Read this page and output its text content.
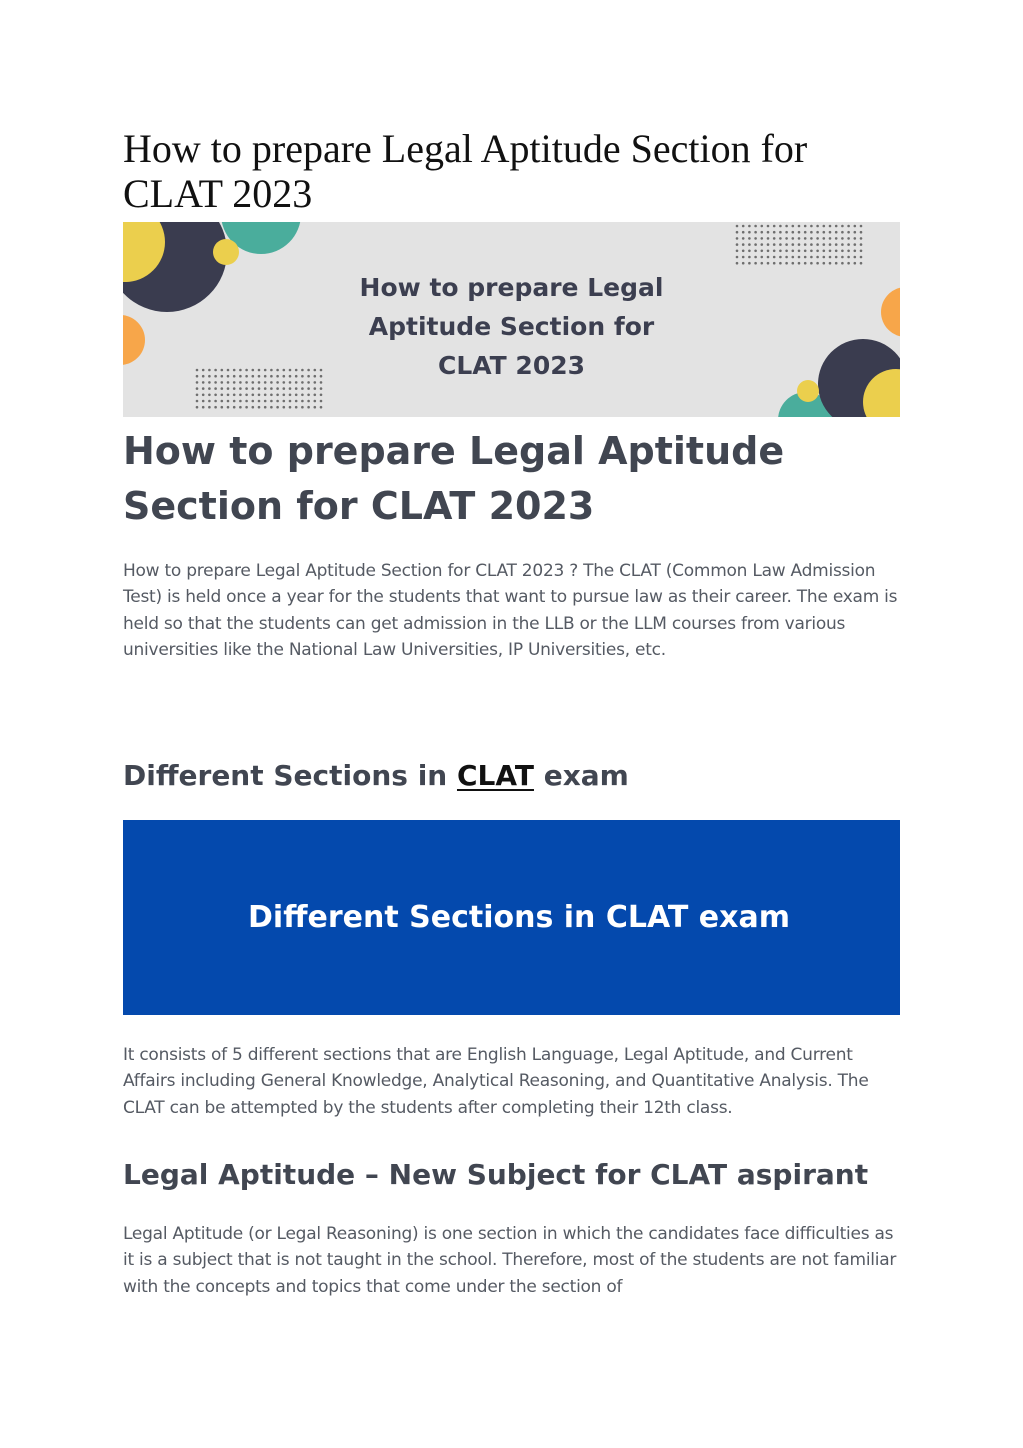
How to prepare Legal Aptitude Section for CLAT 2023
How to prepare Legal
Aptitude Section for
CLAT 2023
How to prepare Legal Aptitude Section for CLAT 2023

How to prepare Legal Aptitude Section for CLAT 2023 ? The CLAT (Common Law Admission Test) is held once a year for the students that want to pursue law as their career. The exam is held so that the students can get admission in the LLB or the LLM courses from various universities like the National Law Universities, IP Universities, etc.

Different Sections in CLAT exam
Different Sections in CLAT exam

It consists of 5 different sections that are English Language, Legal Aptitude, and Current Affairs including General Knowledge, Analytical Reasoning, and Quantitative Analysis. The CLAT can be attempted by the students after completing their 12th class.

Legal Aptitude – New Subject for CLAT aspirant

Legal Aptitude (or Legal Reasoning) is one section in which the candidates face difficulties as it is a subject that is not taught in the school. Therefore, most of the students are not familiar with the concepts and topics that come under the section of
